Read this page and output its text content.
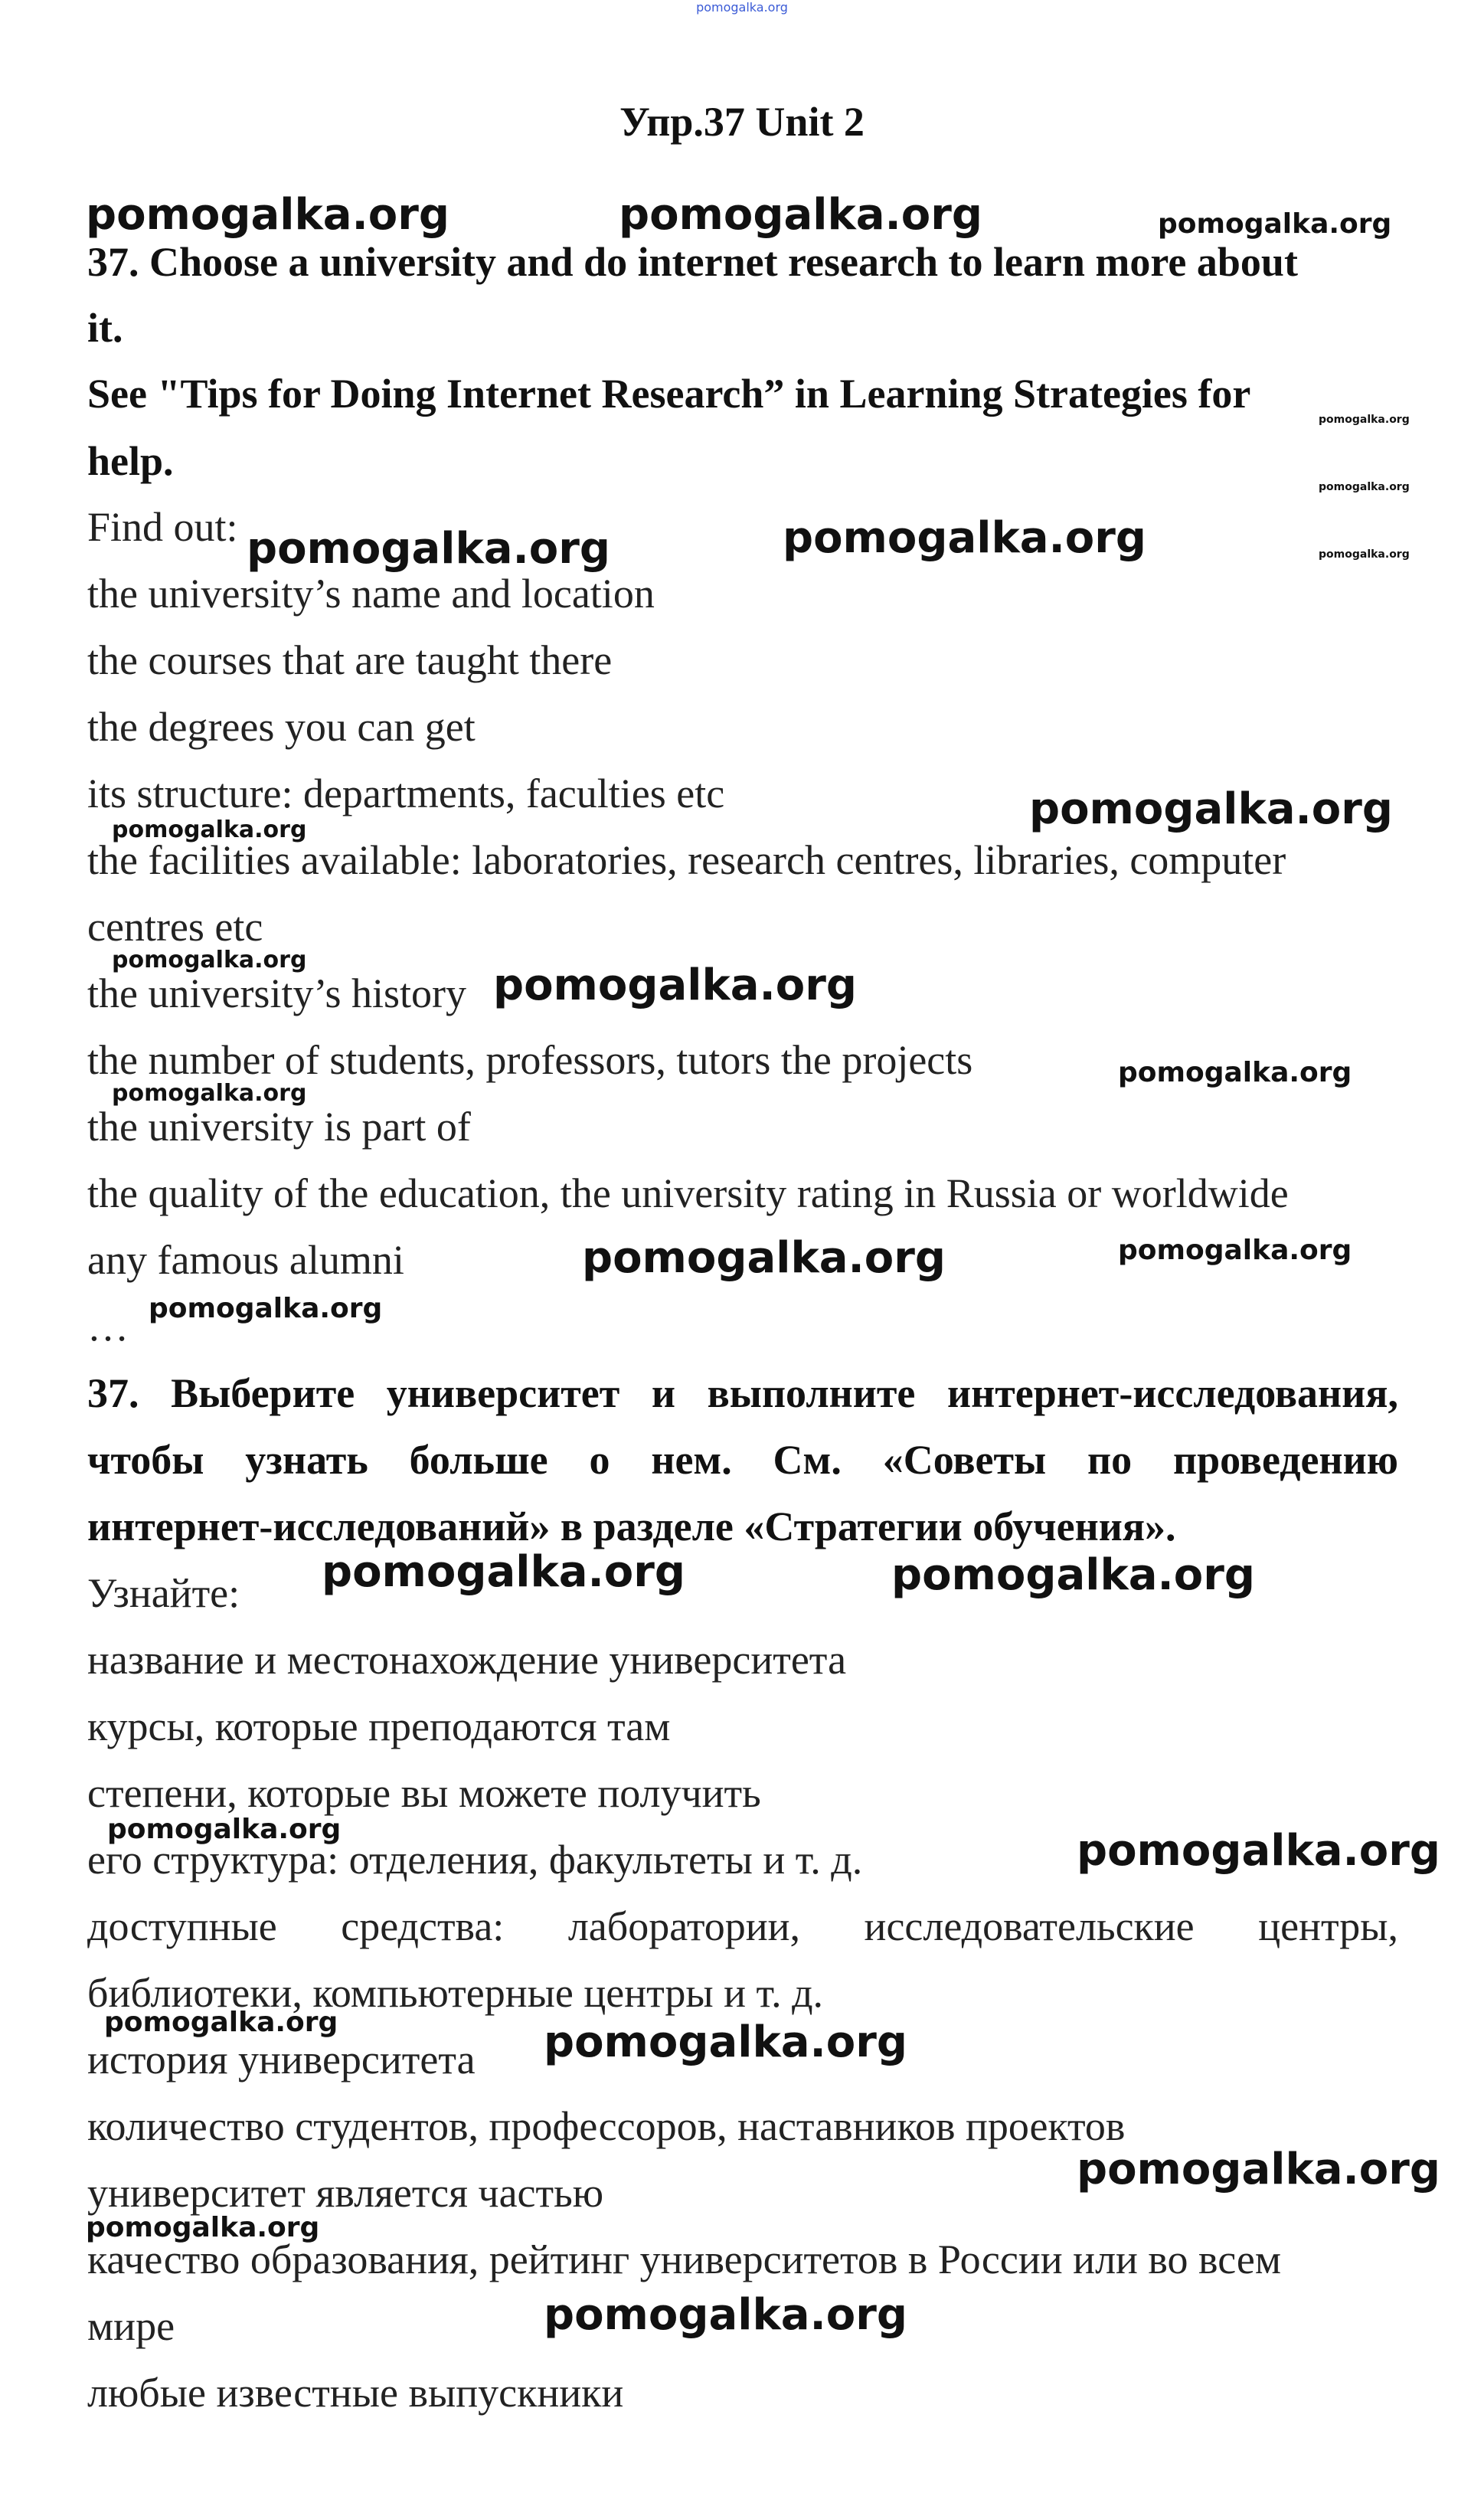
pomogalka.org
Упр.37 Unit 2
37. Choose a university and do internet research to learn more about
it.
See "Tips for Doing Internet Research” in Learning Strategies for
help.
Find out:
the university’s name and location
the courses that are taught there
the degrees you can get
its structure: departments, faculties etc
the facilities available: laboratories, research centres, libraries, computer
centres etc
the university’s history
the number of students, professors, tutors the projects
the university is part of
the quality of the education, the university rating in Russia or worldwide
any famous alumni
…
37. Выберите университет и выполните интернет-исследования,
чтобы узнать больше о нем. См. «Советы по проведению
интернет-исследований» в разделе «Стратегии обучения».
Узнайте:
название и местонахождение университета
курсы, которые преподаются там
степени, которые вы можете получить
его структура: отделения, факультеты и т. д.
доступные средства: лаборатории, исследовательские центры,
библиотеки, компьютерные центры и т. д.
история университета
количество студентов, профессоров, наставников проектов
университет является частью
качество образования, рейтинг университетов в России или во всем
мире
любые известные выпускники
pomogalka.org	pomogalka.org	pomogalka.org
pomogalka.org
pomogalka.org
pomogalka.org
pomogalka.org	pomogalka.org
pomogalka.org
pomogalka.org
pomogalka.org
pomogalka.org
pomogalka.org
pomogalka.org
pomogalka.org	pomogalka.org
pomogalka.org
pomogalka.org	pomogalka.org
pomogalka.org	pomogalka.org
pomogalka.org	pomogalka.org
pomogalka.org
pomogalka.org
pomogalka.org
